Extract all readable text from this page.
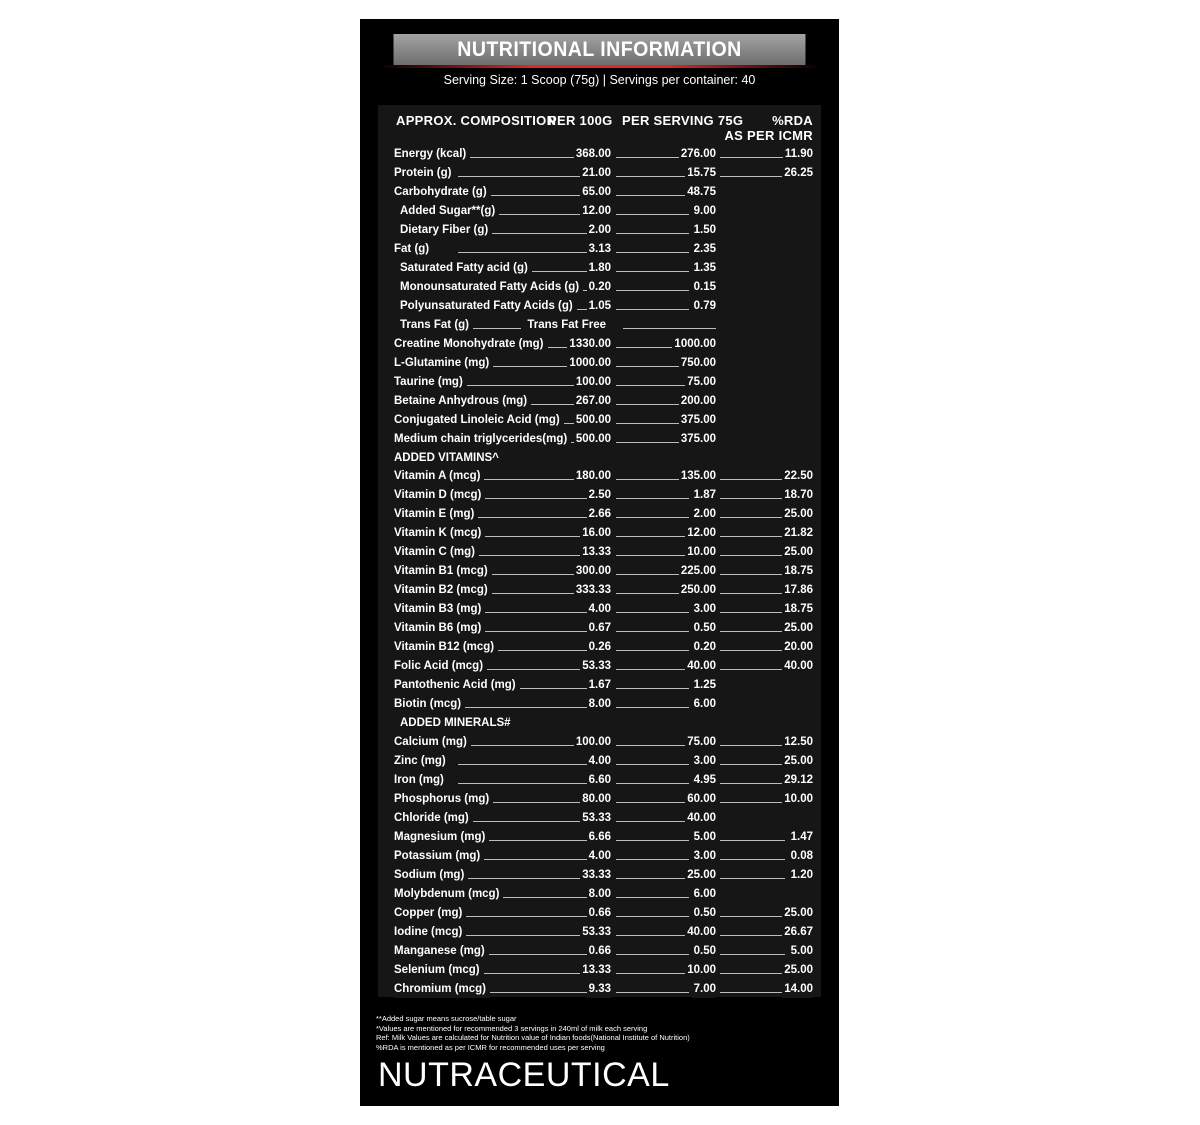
NUTRITIONAL INFORMATION
Serving Size: 1 Scoop (75g) | Servings per container: 40
APPROX. COMPOSITION
PER 100G PER SERVING 75G	%RDA
AS PER ICMR
Energy (kcal)	368.00	276.00	11.90
Protein (g)	21.00	15.75	26.25
Carbohydrate (g)	65.00	48.75
Added Sugar**(g)	12.00	9.00
Dietary Fiber (g)	2.00	1.50
Fat (g)	3.13	2.35
Saturated Fatty acid (g)	1.80	1.35
Monounsaturated Fatty Acids (g) 0.20	0.15
Polyunsaturated Fatty Acids (g)	1.05	0.79
Trans Fat (g)	Trans Fat Free
Creatine Monohydrate (mg)	1330.00	1000.00
L-Glutamine (mg)	1000.00	750.00
Taurine (mg)	100.00	75.00
Betaine Anhydrous (mg)	267.00	200.00
Conjugated Linoleic Acid (mg)	500.00	375.00
Medium chain triglycerides(mg) 500.00	375.00
ADDED VITAMINS^
Vitamin A (mcg)	180.00	135.00	22.50
Vitamin D (mcg)	2.50	1.87	18.70
Vitamin E (mg)	2.66	2.00	25.00
Vitamin K (mcg)	16.00	12.00	21.82
Vitamin C (mg)	13.33	10.00	25.00
Vitamin B1 (mcg)	300.00	225.00	18.75
Vitamin B2 (mcg)	333.33	250.00	17.86
Vitamin B3 (mg)	4.00	3.00	18.75
Vitamin B6 (mg)	0.67	0.50	25.00
Vitamin B12 (mcg)	0.26	0.20	20.00
Folic Acid (mcg)	53.33	40.00	40.00
Pantothenic Acid (mg)	1.67	1.25
Biotin (mcg)	8.00	6.00
ADDED MINERALS#
Calcium (mg)	100.00	75.00	12.50
Zinc (mg)	4.00	3.00	25.00
Iron (mg)	6.60	4.95	29.12
Phosphorus (mg)	80.00	60.00	10.00
Chloride (mg)	53.33	40.00
Magnesium (mg)	6.66	5.00	1.47
Potassium (mg)	4.00	3.00	0.08
Sodium (mg)	33.33	25.00	1.20
Molybdenum (mcg)	8.00	6.00
Copper (mg)	0.66	0.50	25.00
Iodine (mcg)	53.33	40.00	26.67
Manganese (mg)	0.66	0.50	5.00
Selenium (mcg)	13.33	10.00	25.00
Chromium (mcg)	9.33	7.00	14.00
**Added sugar means sucrose/table sugar
*Values are mentioned for recommended 3 servings in 240ml of milk each serving
Ref: Milk Values are calculated for Nutrition value of Indian foods(National Institute of Nutrition)
%RDA is mentioned as per ICMR for recommended uses per serving
NUTRACEUTICAL
